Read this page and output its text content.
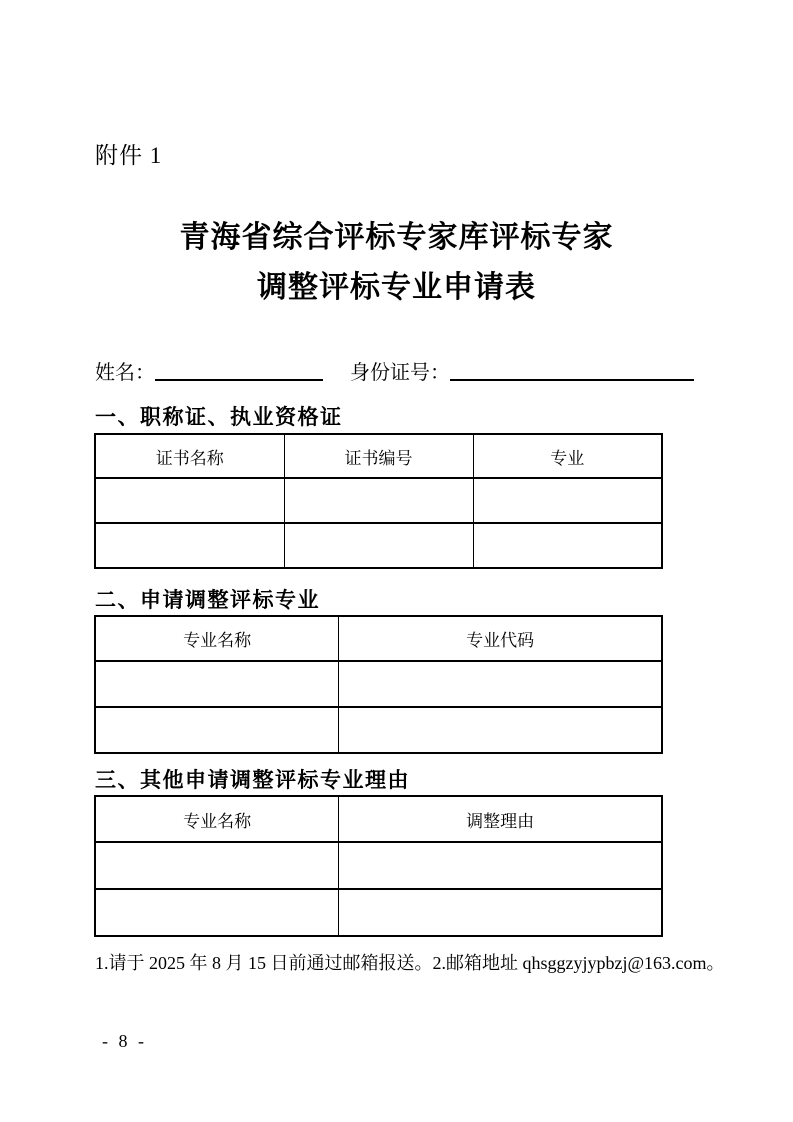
附件 1
青海省综合评标专家库评标专家
调整评标专业申请表
姓名：	身份证号：
一、职称证、执业资格证
证书名称	证书编号	专业

二、申请调整评标专业
专业名称	专业代码

三、其他申请调整评标专业理由
专业名称	调整理由

1.请于 2025 年 8 月 15 日前通过邮箱报送。2.邮箱地址 qhsggzyjypbzj@163.com。
- 8 -
